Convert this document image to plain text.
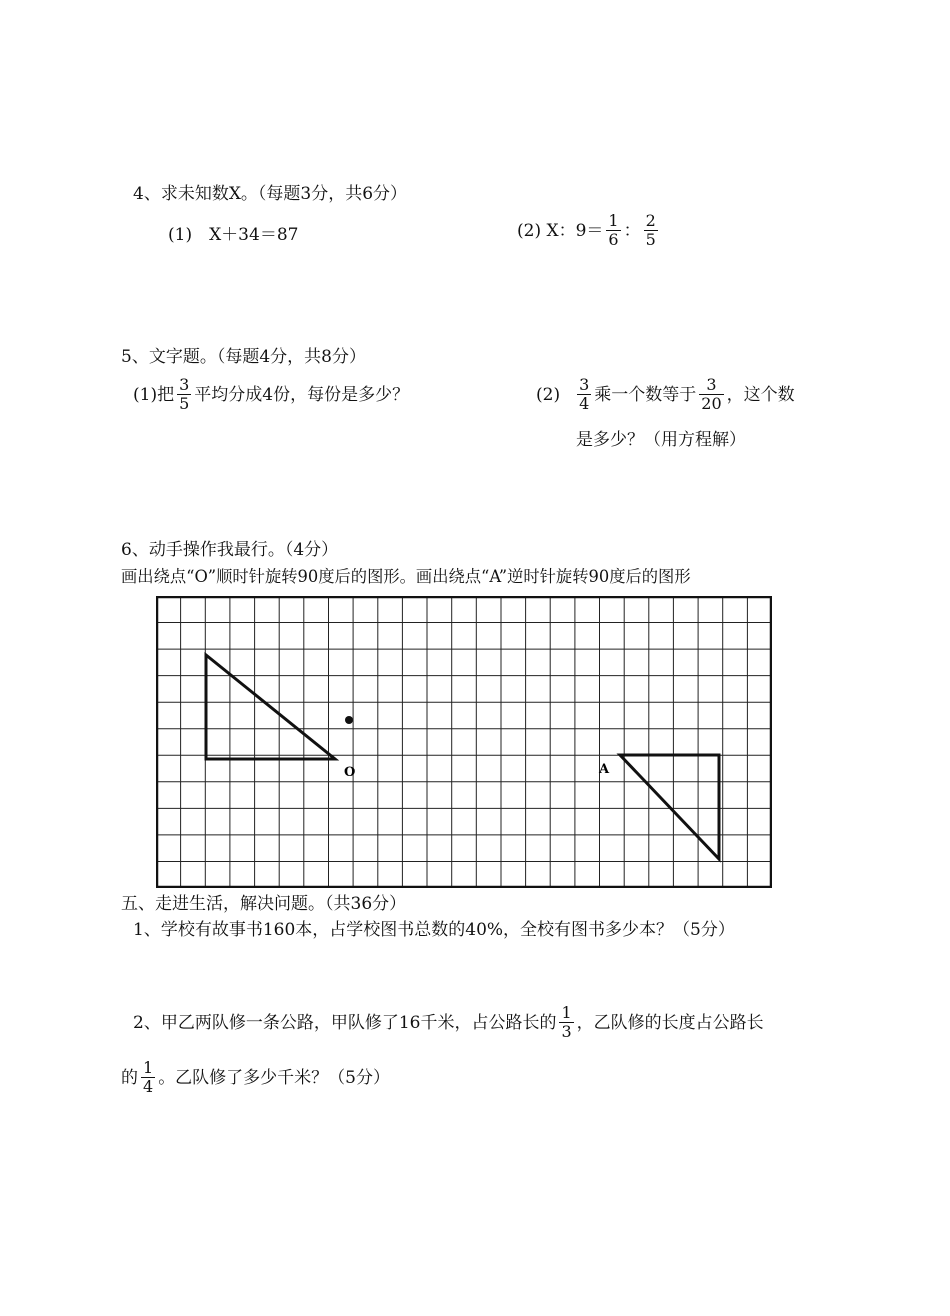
4、求未知数X。（每题3分，共6分）
(1)　X＋34＝87	(2) X：$9= \frac{1}{6}$ ： $\frac{2}{5}$
5、文字题。（每题4分，共8分）
(1)把 $\frac{3}{5}$ 平均分成4份，每份是多少？	$(2) \frac{3}{4}$ 乘一个数等于 $\frac{3}{20}$ ，这个数
是多少？（用方程解）
6、动手操作我最行。（4分）
画出绕点“O”顺时针旋转90度后的图形。画出绕点“A”逆时针旋转90度后的图形
O	A
五、走进生活，解决问题。（共36分）
1、学校有故事书160本，占学校图书总数的40%，全校有图书多少本？（5分）
2、甲乙两队修一条公路，甲队修了16千米，占公路长的 $\frac{1}{3}$ ，乙队修的长度占公路长
的 $\frac{1}{4}$ 。乙队修了多少千米？（5分）
